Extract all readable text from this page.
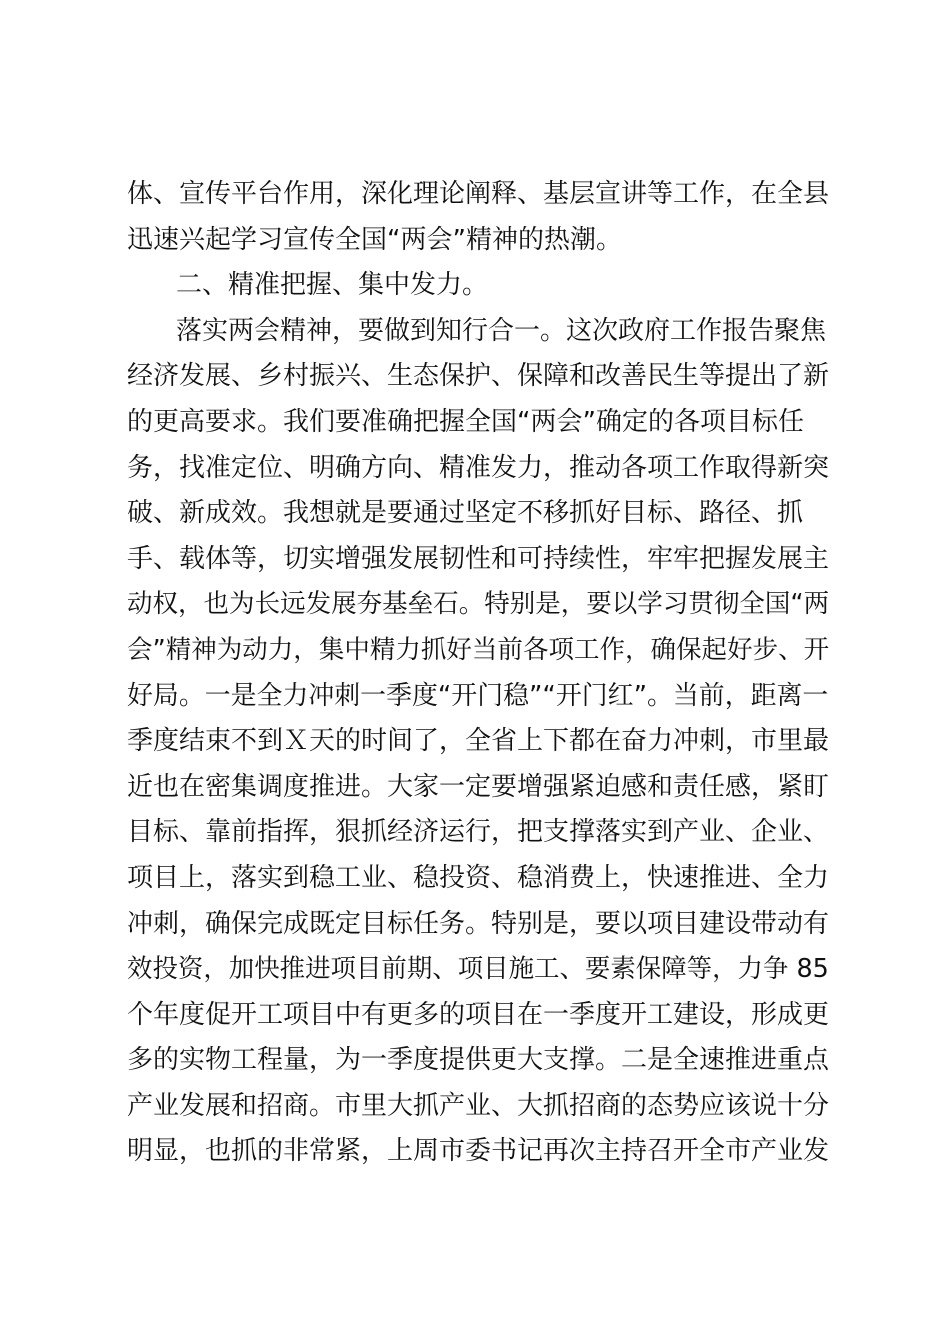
体、宣传平台作用，深化理论阐释、基层宣讲等工作，在全县
迅速兴起学习宣传全国“两会”精神的热潮。
二、精准把握、集中发力。
落实两会精神，要做到知行合一。这次政府工作报告聚焦
经济发展、乡村振兴、生态保护、保障和改善民生等提出了新
的更高要求。我们要准确把握全国“两会”确定的各项目标任
务，找准定位、明确方向、精准发力，推动各项工作取得新突
破、新成效。我想就是要通过坚定不移抓好目标、路径、抓
手、载体等，切实增强发展韧性和可持续性，牢牢把握发展主
动权，也为长远发展夯基垒石。特别是，要以学习贯彻全国“两
会”精神为动力，集中精力抓好当前各项工作，确保起好步、开
好局。一是全力冲刺一季度“开门稳”“开门红”。当前，距离一
季度结束不到Ｘ天的时间了，全省上下都在奋力冲刺，市里最
近也在密集调度推进。大家一定要增强紧迫感和责任感，紧盯
目标、靠前指挥，狠抓经济运行，把支撑落实到产业、企业、
项目上，落实到稳工业、稳投资、稳消费上，快速推进、全力
冲刺，确保完成既定目标任务。特别是，要以项目建设带动有
效投资，加快推进项目前期、项目施工、要素保障等，力争 85
个年度促开工项目中有更多的项目在一季度开工建设，形成更
多的实物工程量，为一季度提供更大支撑。二是全速推进重点
产业发展和招商。市里大抓产业、大抓招商的态势应该说十分
明显，也抓的非常紧，上周市委书记再次主持召开全市产业发
